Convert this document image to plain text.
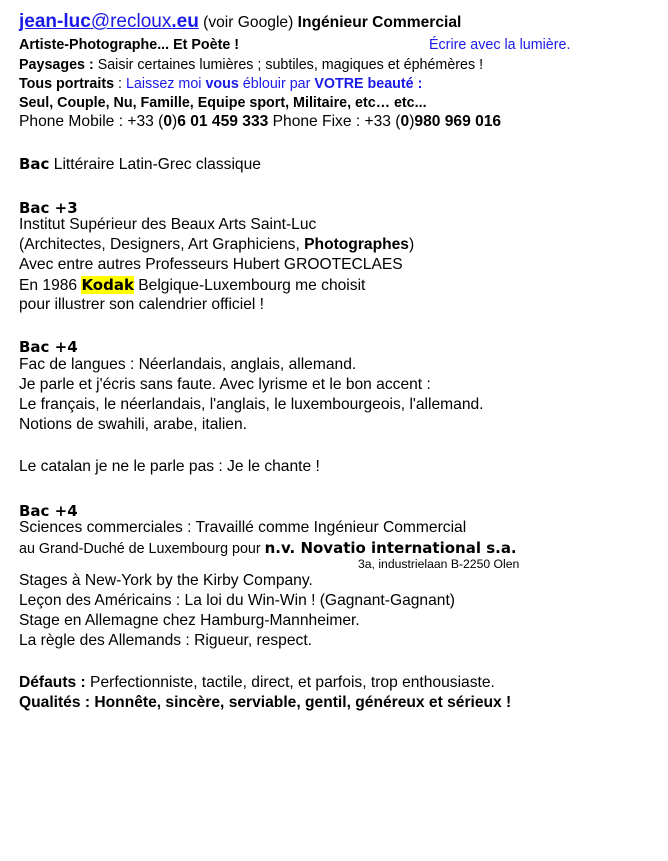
jean-luc@recloux.eu (voir Google) Ingénieur Commercial
Artiste-Photographe... Et Poète !	Écrire avec la lumière.
Paysages : Saisir certaines lumières ; subtiles, magiques et éphémères !
Tous portraits : Laissez moi vous éblouir par VOTRE beauté :
Seul, Couple, Nu, Famille, Equipe sport, Militaire, etc… etc...
Phone Mobile : +33 (0)6 01 459 333 Phone Fixe : +33 (0)980 969 016
Bac Littéraire Latin-Grec classique
Bac +3
Institut Supérieur des Beaux Arts Saint-Luc
(Architectes, Designers, Art Graphiciens, Photographes)
Avec entre autres Professeurs Hubert GROOTECLAES
En 1986 Kodak Belgique-Luxembourg me choisit
pour illustrer son calendrier officiel !
Bac +4
Fac de langues : Néerlandais, anglais, allemand.
Je parle et j'écris sans faute. Avec lyrisme et le bon accent :
Le français, le néerlandais, l'anglais, le luxembourgeois, l'allemand.
Notions de swahili, arabe, italien.
Le catalan je ne le parle pas : Je le chante !
Bac +4
Sciences commerciales : Travaillé comme Ingénieur Commercial
au Grand-Duché de Luxembourg pour n.v. Novatio international s.a.
3a, industrielaan B-2250 Olen
Stages à New-York by the Kirby Company.
Leçon des Américains : La loi du Win-Win ! (Gagnant-Gagnant)
Stage en Allemagne chez Hamburg-Mannheimer.
La règle des Allemands : Rigueur, respect.
Défauts : Perfectionniste, tactile, direct, et parfois, trop enthousiaste.
Qualités : Honnête, sincère, serviable, gentil, généreux et sérieux !
